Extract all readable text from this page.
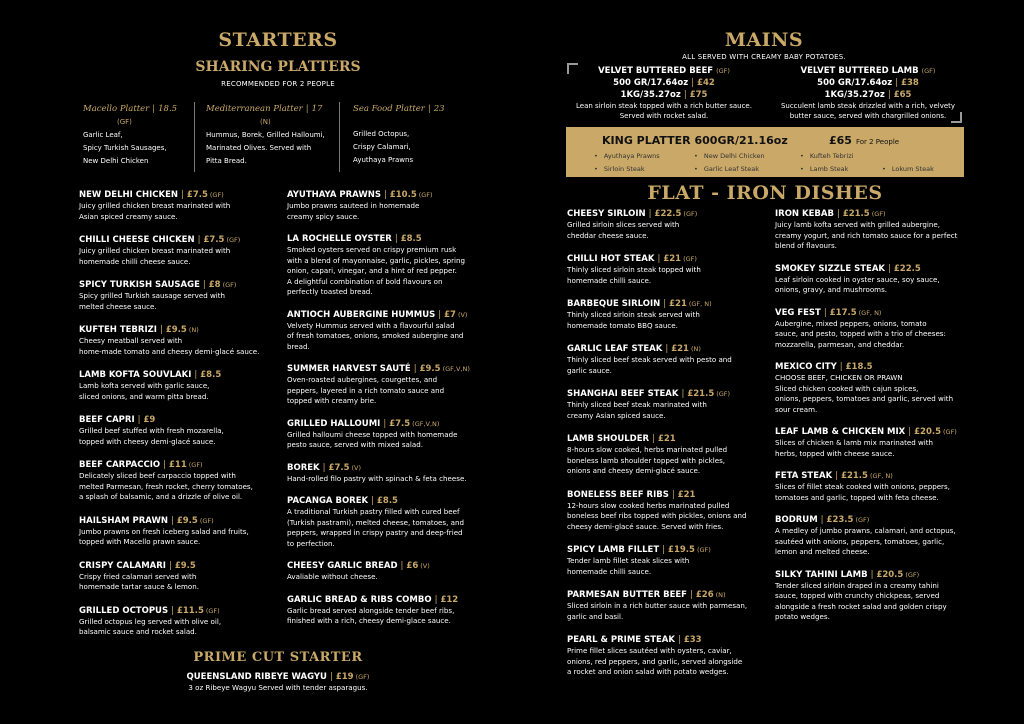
STARTERS
SHARING PLATTERS
RECOMMENDED FOR 2 PEOPLE
Macello Platter | 18.5
(GF)
Garlic Leaf,
Spicy Turkish Sausages,
New Delhi Chicken
Mediterranean Platter | 17
(N)
Hummus, Borek, Grilled Halloumi,
Marinated Olives. Served with
Pitta Bread.
Sea Food Platter | 23
Grilled Octopus,
Crispy Calamari,
Ayuthaya Prawns
NEW DELHI CHICKEN | £7.5 (GF)
Juicy grilled chicken breast marinated with
Asian spiced creamy sauce.
CHILLI CHEESE CHICKEN | £7.5 (GF)
Juicy grilled chicken breast marinated with
homemade chilli cheese sauce.
SPICY TURKISH SAUSAGE | £8 (GF)
Spicy grilled Turkish sausage served with
melted cheese sauce.
KUFTEH TEBRIZI | £9.5 (N)
Cheesy meatball served with
home-made tomato and cheesy demi-glacé sauce.
LAMB KOFTA SOUVLAKI | £8.5
Lamb kofta served with garlic sauce,
sliced onions, and warm pitta bread.
BEEF CAPRI | £9
Grilled beef stuffed with fresh mozarella,
topped with cheesy demi-glacé sauce.
BEEF CARPACCIO | £11 (GF)
Delicately sliced beef carpaccio topped with
melted Parmesan, fresh rocket, cherry tomatoes,
a splash of balsamic, and a drizzle of olive oil.
HAILSHAM PRAWN | £9.5 (GF)
Jumbo prawns on fresh iceberg salad and fruits,
topped with Macello prawn sauce.
CRISPY CALAMARI | £9.5
Crispy fried calamari served with
homemade tartar sauce & lemon.
GRILLED OCTOPUS | £11.5 (GF)
Grilled octopus leg served with olive oil,
balsamic sauce and rocket salad.
AYUTHAYA PRAWNS | £10.5 (GF)
Jumbo prawns sauteed in homemade
creamy spicy sauce.
LA ROCHELLE OYSTER | £8.5
Smoked oysters served on crispy premium rusk
with a blend of mayonnaise, garlic, pickles, spring
onion, capari, vinegar, and a hint of red pepper.
A delightful combination of bold flavours on
perfectly toasted bread.
ANTIOCH AUBERGINE HUMMUS | £7 (V)
Velvety Hummus served with a flavourful salad
of fresh tomatoes, onions, smoked aubergine and
bread.
SUMMER HARVEST SAUTÉ | £9.5 (GF,V,N)
Oven-roasted aubergines, courgettes, and
peppers, layered in a rich tomato sauce and
topped with creamy brie.
GRILLED HALLOUMI | £7.5 (GF,V,N)
Grilled halloumi cheese topped with homemade
pesto sauce, served with mixed salad.
BOREK | £7.5 (V)
Hand-rolled filo pastry with spinach & feta cheese.
PACANGA BOREK | £8.5
A traditional Turkish pastry filled with cured beef
(Turkish pastrami), melted cheese, tomatoes, and
peppers, wrapped in crispy pastry and deep-fried
to perfection.
CHEESY GARLIC BREAD | £6 (V)
Avaliable without cheese.
GARLIC BREAD & RIBS COMBO | £12
Garlic bread served alongside tender beef ribs,
finished with a rich, cheesy demi-glace sauce.
PRIME CUT STARTER
QUEENSLAND RIBEYE WAGYU | £19 (GF)
3 oz Ribeye Wagyu Served with tender asparagus.
MAINS
ALL SERVED WITH CREAMY BABY POTATOES.
VELVET BUTTERED BEEF (GF)
500 GR/17.64oz | £42
1KG/35.27oz | £75
Lean sirloin steak topped with a rich butter sauce.
Served with rocket salad.
VELVET BUTTERED LAMB (GF)
500 GR/17.64oz | £38
1KG/35.27oz | £65
Succulent lamb steak drizzled with a rich, velvety
butter sauce, served with chargrilled onions.
KING PLATTER 600GR/21.16oz	£65 For 2 People
• Ayuthaya Prawns	• New Delhi Chicken	• Kufteh Tebrizi
• Sirloin Steak	• Garlic Leaf Steak	• Lamb Steak	• Lokum Steak
FLAT - IRON DISHES
CHEESY SIRLOIN | £22.5 (GF)
Grilled sirloin slices served with
cheddar cheese sauce.
CHILLI HOT STEAK | £21 (GF)
Thinly sliced sirloin steak topped with
homemade chilli sauce.
BARBEQUE SIRLOIN | £21 (GF, N)
Thinly sliced sirloin steak served with
homemade tomato BBQ sauce.
GARLIC LEAF STEAK | £21 (N)
Thinly sliced beef steak served with pesto and
garlic sauce.
SHANGHAI BEEF STEAK | £21.5 (GF)
Thinly sliced beef steak marinated with
creamy Asian spiced sauce.
LAMB SHOULDER | £21
8-hours slow cooked, herbs marinated pulled
boneless lamb shoulder topped with pickles,
onions and cheesy demi-glacé sauce.
BONELESS BEEF RIBS | £21
12-hours slow cooked herbs marinated pulled
boneless beef ribs topped with pickles, onions and
cheesy demi-glacé sauce. Served with fries.
SPICY LAMB FILLET | £19.5 (GF)
Tender lamb fillet steak slices with
homemade chilli sauce.
PARMESAN BUTTER BEEF | £26 (N)
Sliced sirloin in a rich butter sauce with parmesan,
garlic and basil.
PEARL & PRIME STEAK | £33
Prime fillet slices sautéed with oysters, caviar,
onions, red peppers, and garlic, served alongside
a rocket and onion salad with potato wedges.
IRON KEBAB | £21.5 (GF)
Juicy lamb kofta served with grilled aubergine,
creamy yogurt, and rich tomato sauce for a perfect
blend of flavours.
SMOKEY SIZZLE STEAK | £22.5
Leaf sirloin cooked in oyster sauce, soy sauce,
onions, gravy, and mushrooms.
VEG FEST | £17.5 (GF, N)
Aubergine, mixed peppers, onions, tomato
sauce, and pesto, topped with a trio of cheeses:
mozzarella, parmesan, and cheddar.
MEXICO CITY | £18.5
CHOOSE BEEF, CHICKEN OR PRAWN
Sliced chicken cooked with cajun spices,
onions, peppers, tomatoes and garlic, served with
sour cream.
LEAF LAMB & CHICKEN MIX | £20.5 (GF)
Slices of chicken & lamb mix marinated with
herbs, topped with cheese sauce.
FETA STEAK | £21.5 (GF, N)
Slices of fillet steak cooked with onions, peppers,
tomatoes and garlic, topped with feta cheese.
BODRUM | £23.5 (GF)
A medley of jumbo prawns, calamari, and octopus,
sautéed with onions, peppers, tomatoes, garlic,
lemon and melted cheese.
SILKY TAHINI LAMB | £20.5 (GF)
Tender sliced sirloin draped in a creamy tahini
sauce, topped with crunchy chickpeas, served
alongside a fresh rocket salad and golden crispy
potato wedges.
